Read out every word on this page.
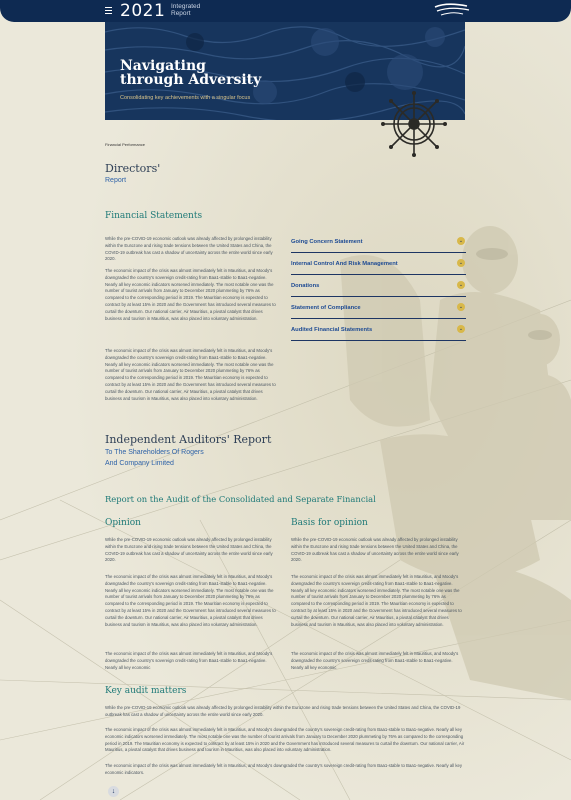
2021 Integrated
Report
Navigating
through Adversity
Consolidating key achievements with a singular focus
Financial Performance
Directors'
Report
Financial Statements
While the pre-COVID-19 economic outlook was already affected by prolonged instability within the Eurozone and rising trade tensions between the United States and China, the COVID-19 outbreak has cast a shadow of uncertainty across the entire world since early 2020.
The economic impact of the crisis was almost immediately felt in Mauritius, and Moody's downgraded the country's sovereign credit-rating from Baa1-stable to Baa1-negative. Nearly all key economic indicators worsened immediately. The most notable one was the number of tourist arrivals from January to December 2020 plummeting by 76% as compared to the corresponding period in 2019. The Mauritian economy is expected to contract by at least 15% in 2020 and the Government has introduced several measures to curtail the downturn. Our national carrier, Air Mauritius, a pivotal catalyst that drives business and tourism in Mauritius, was also placed into voluntary administration.
The economic impact of the crisis was almost immediately felt in Mauritius, and Moody's downgraded the country's sovereign credit-rating from Baa1-stable to Baa1-negative. Nearly all key economic indicators worsened immediately. The most notable one was the number of tourist arrivals from January to December 2020 plummeting by 76% as compared to the corresponding period in 2019. The Mauritian economy is expected to contract by at least 15% in 2020 and the Government has introduced several measures to curtail the downturn. Our national carrier, Air Mauritius, a pivotal catalyst that drives business and tourism in Mauritius, was also placed into voluntary administration.
Going Concern Statement	⌄
Internal Control And Risk Management	⌄
Donations	⌄
Statement of Compliance	⌄
Audited Financial Statements	⌄
Independent Auditors' Report
To The Shareholders Of Rogers
And Company Limited
Report on the Audit of the Consolidated and Separate Financial
Opinion
While the pre-COVID-19 economic outlook was already affected by prolonged instability within the Eurozone and rising trade tensions between the United States and China, the COVID-19 outbreak has cast a shadow of uncertainty across the entire world since early 2020.
The economic impact of the crisis was almost immediately felt in Mauritius, and Moody's downgraded the country's sovereign credit-rating from Baa1-stable to Baa1-negative. Nearly all key economic indicators worsened immediately. The most notable one was the number of tourist arrivals from January to December 2020 plummeting by 76% as compared to the corresponding period in 2019. The Mauritian economy is expected to contract by at least 15% in 2020 and the Government has introduced several measures to curtail the downturn. Our national carrier, Air Mauritius, a pivotal catalyst that drives business and tourism in Mauritius, was also placed into voluntary administration.
The economic impact of the crisis was almost immediately felt in Mauritius, and Moody's downgraded the country's sovereign credit-rating from Baa1-stable to Baa1-negative. Nearly all key economic
Basis for opinion
While the pre-COVID-19 economic outlook was already affected by prolonged instability within the Eurozone and rising trade tensions between the United States and China, the COVID-19 outbreak has cast a shadow of uncertainty across the entire world since early 2020.
The economic impact of the crisis was almost immediately felt in Mauritius, and Moody's downgraded the country's sovereign credit-rating from Baa1-stable to Baa1-negative. Nearly all key economic indicators worsened immediately. The most notable one was the number of tourist arrivals from January to December 2020 plummeting by 76% as compared to the corresponding period in 2019. The Mauritian economy is expected to contract by at least 15% in 2020 and the Government has introduced several measures to curtail the downturn. Our national carrier, Air Mauritius, a pivotal catalyst that drives business and tourism in Mauritius, was also placed into voluntary administration.
The economic impact of the crisis was almost immediately felt in Mauritius, and Moody's downgraded the country's sovereign credit-rating from Baa1-stable to Baa1-negative. Nearly all key economic
Key audit matters
While the pre-COVID-19 economic outlook was already affected by prolonged instability within the Eurozone and rising trade tensions between the United States and China, the COVID-19 outbreak has cast a shadow of uncertainty across the entire world since early 2020.
The economic impact of the crisis was almost immediately felt in Mauritius, and Moody's downgraded the country's sovereign credit-rating from Baa1-stable to Baa1-negative. Nearly all key economic indicators worsened immediately. The most notable one was the number of tourist arrivals from January to December 2020 plummeting by 76% as compared to the corresponding period in 2019. The Mauritian economy is expected to contract by at least 15% in 2020 and the Government has introduced several measures to curtail the downturn. Our national carrier, Air Mauritius, a pivotal catalyst that drives business and tourism in Mauritius, was also placed into voluntary administration.
The economic impact of the crisis was almost immediately felt in Mauritius, and Moody's downgraded the country's sovereign credit-rating from Baa1-stable to Baa1-negative. Nearly all key economic indicators.
↓
